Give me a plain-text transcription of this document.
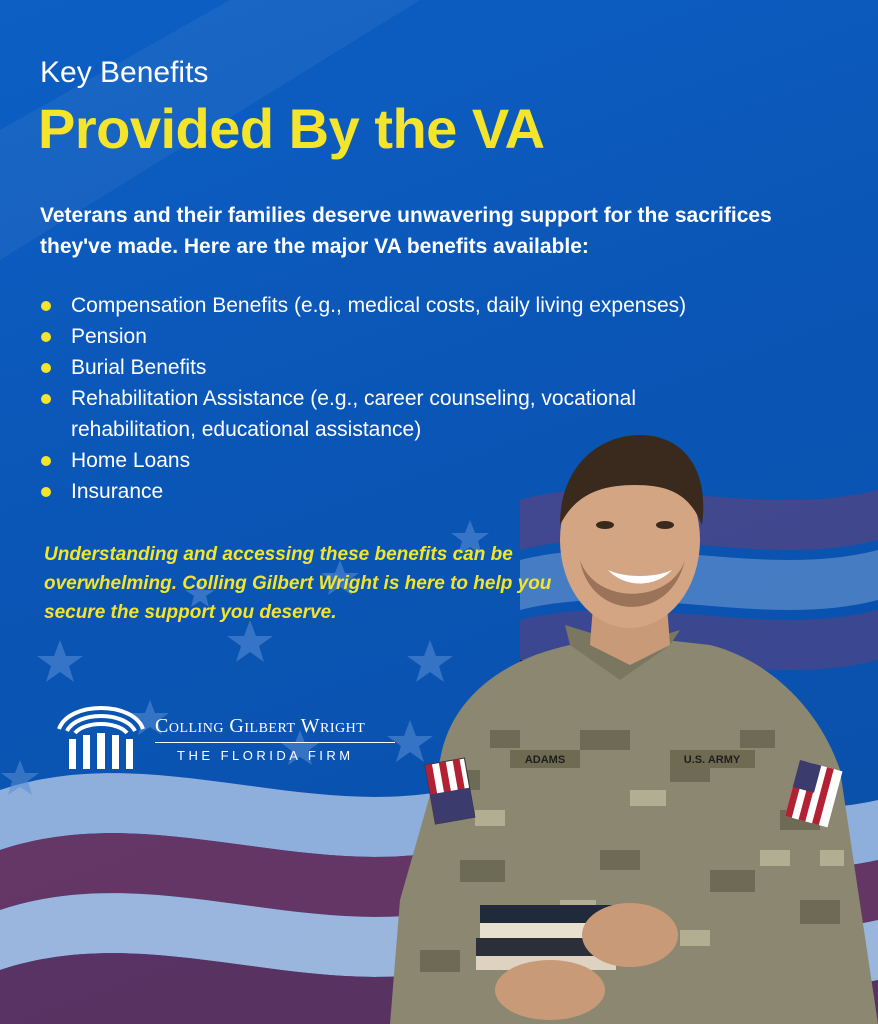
ADAMS	U.S. ARMY
Key Benefits
Provided By the VA
Veterans and their families deserve unwavering support for the sacrifices they've made. Here are the major VA benefits available:
Compensation Benefits (e.g., medical costs, daily living expenses)
Pension
Burial Benefits
Rehabilitation Assistance (e.g., career counseling, vocational rehabilitation, educational assistance)
Home Loans
Insurance
Understanding and accessing these benefits can be overwhelming. Colling Gilbert Wright is here to help you secure the support you deserve.
Colling Gilbert Wright
THE FLORIDA FIRM
